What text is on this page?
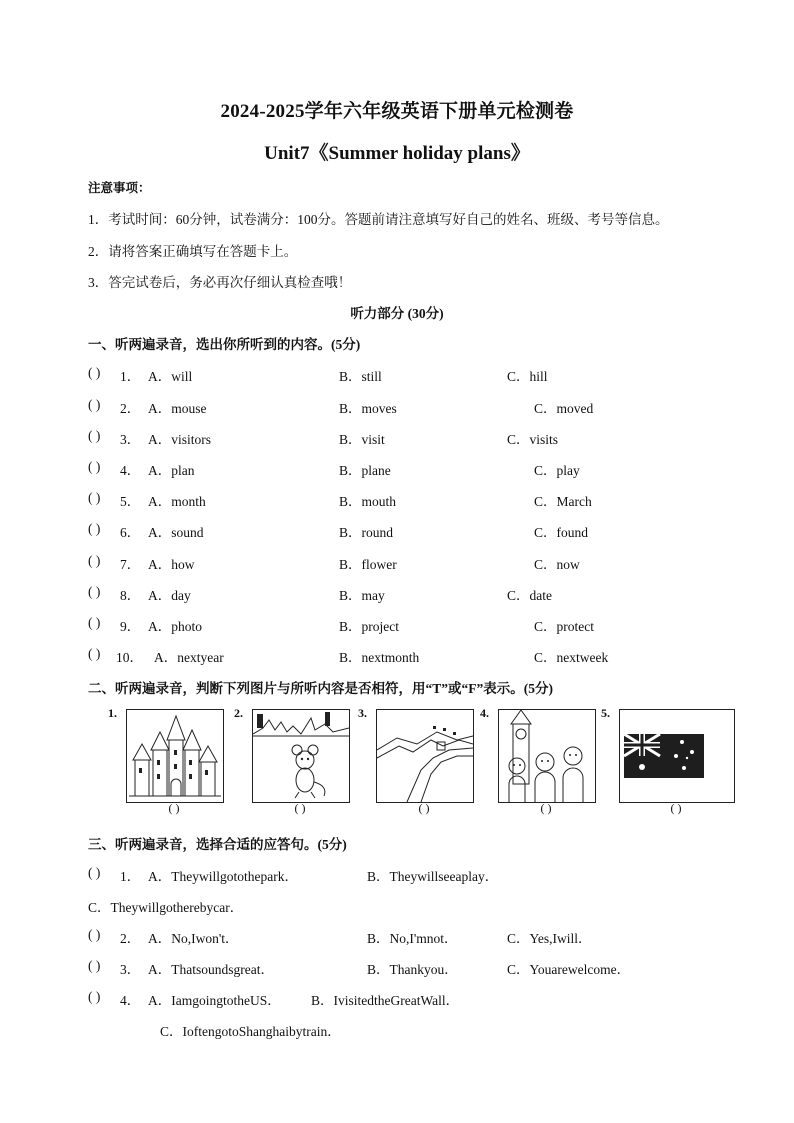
2024-2025学年六年级英语下册单元检测卷
Unit7《Summer holiday plans》
注意事项：
1．考试时间：60分钟，试卷满分：100分。答题前请注意填写好自己的姓名、班级、考号等信息。
2．请将答案正确填写在答题卡上。
3．答完试卷后，务必再次仔细认真检查哦！
听力部分 (30分)
一、听两遍录音，选出你所听到的内容。(5分)
( ) 1． A．will	B．still	C．hill
( ) 2． A．mouse	B．moves	C．moved
( ) 3． A．visitors	B．visit	C．visits
( ) 4． A．plan	B．plane	C．play
( ) 5． A．month	B．mouth	C．March
( ) 6． A．sound	B．round	C．found
( ) 7． A．how	B．flower	C．now
( ) 8． A．day	B．may	C．date
( ) 9． A．photo	B．project	C．protect
( ) 10． A．nextyear	B．nextmonth	C．nextweek
二、听两遍录音，判断下列图片与所听内容是否相符，用“T”或“F”表示。(5分)
1.
( )
2.
( )
3.
( )
4.
( )
5.
( )
三、听两遍录音，选择合适的应答句。(5分)
( ) 1． A．Theywillgotothepark．	B．Theywillseeaplay．
C．Theywillgotherebycar．
( ) 2． A．No,Iwon't．	B．No,I'mnot．	C．Yes,Iwill．
( ) 3． A．Thatsoundsgreat．	B．Thankyou．	C．Youarewelcome．
( ) 4． A．IamgoingtotheUS． B．IvisitedtheGreatWall．
C．IoftengotoShanghaibytrain．
